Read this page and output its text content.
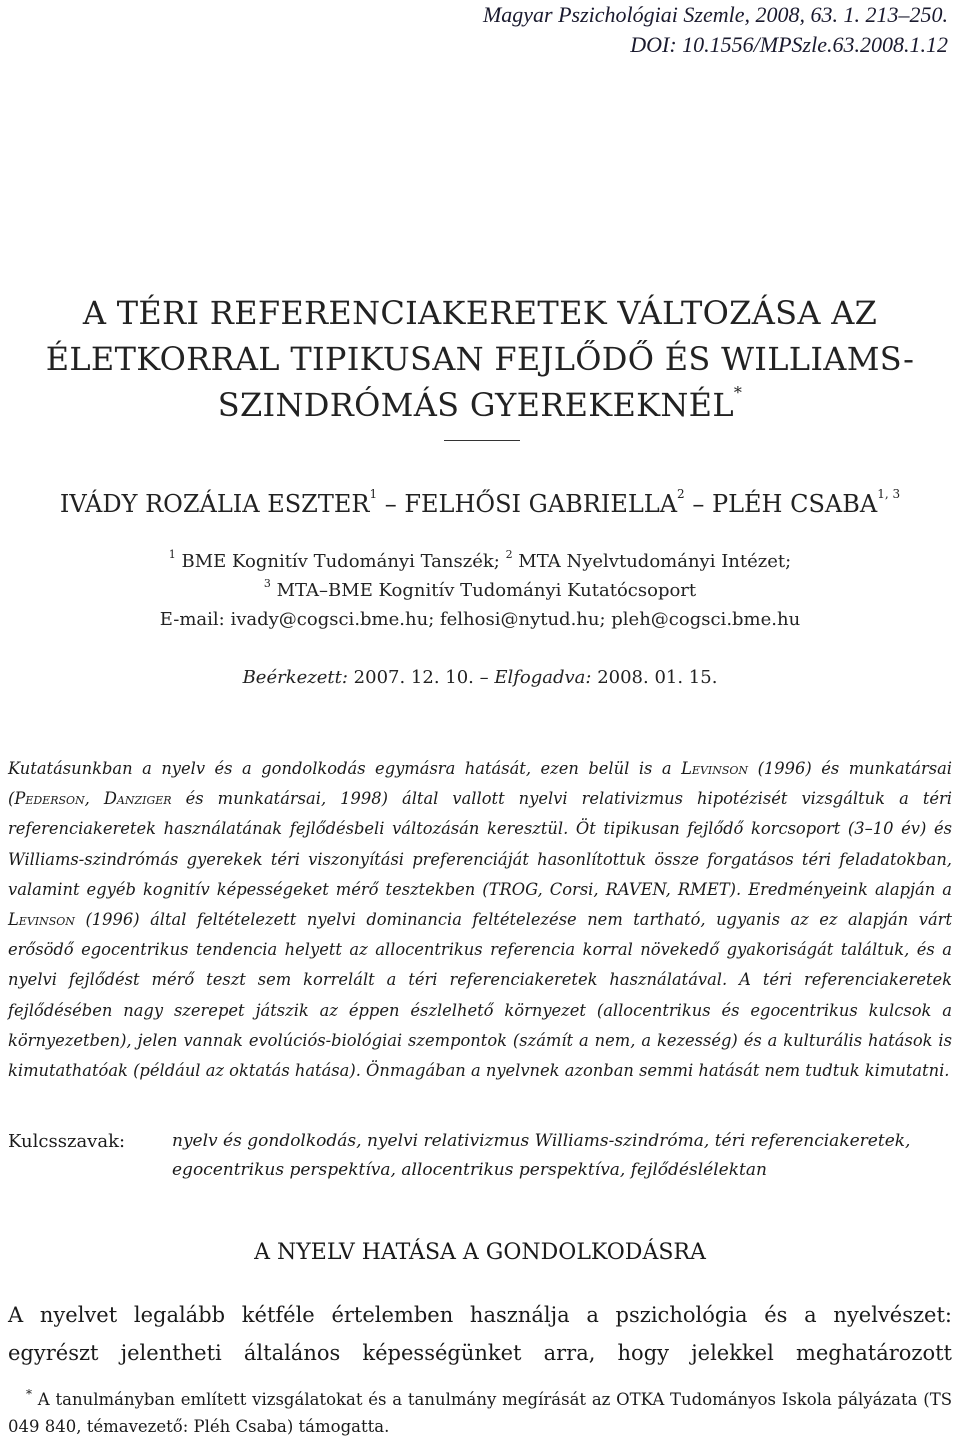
Magyar Pszichológiai Szemle, 2008, 63. 1. 213–250.
DOI: 10.1556/MPSzle.63.2008.1.12
A TÉRI REFERENCIAKERETEK VÁLTOZÁSA AZ
ÉLETKORRAL TIPIKUSAN FEJLŐDŐ ÉS WILLIAMS-
SZINDRÓMÁS GYEREKEKNÉL*
IVÁDY ROZÁLIA ESZTER$^1$ – FELHŐSI GABRIELLA$^2$ – PLÉH CSABA$^{1, 3}$
$^1$ BME Kognitív Tudományi Tanszék; $^2$ MTA Nyelvtudományi Intézet;
$^3$ MTA–BME Kognitív Tudományi Kutatócsoport
E-mail: ivady@cogsci.bme.hu; felhosi@nytud.hu; pleh@cogsci.bme.hu
Beérkezett: 2007. 12. 10. – Elfogadva: 2008. 01. 15.
Kutatásunkban a nyelv és a gondolkodás egymásra hatását, ezen belül is a Levinson (1996) és munkatársai (Pederson, Danziger és munkatársai, 1998) által vallott nyelvi relativizmus hipotézisét vizsgáltuk a téri referenciakeretek használatának fejlődésbeli változásán keresztül. Öt tipikusan fejlődő korcsoport (3–10 év) és Williams-szindrómás gyerekek téri viszonyítási preferenciáját hasonlítottuk össze forgatásos téri feladatokban, valamint egyéb kognitív képességeket mérő tesztekben (TROG, Corsi, RAVEN, RMET). Eredményeink alapján a Levinson (1996) által feltételezett nyelvi dominancia feltételezése nem tartható, ugyanis az ez alapján várt erősödő egocentrikus tendencia helyett az allocentrikus referencia korral növekedő gyakoriságát találtuk, és a nyelvi fejlődést mérő teszt sem korrelált a téri referenciakeretek használatával. A téri referenciakeretek fejlődésében nagy szerepet játszik az éppen észlelhető környezet (allocentrikus és egocentrikus kulcsok a környezetben), jelen vannak evolúciós-biológiai szempontok (számít a nem, a kezesség) és a kulturális hatások is kimutathatóak (például az oktatás hatása). Önmagában a nyelvnek azonban semmi hatását nem tudtuk kimutatni.
Kulcsszavak:	nyelv és gondolkodás, nyelvi relativizmus Williams-szindróma, téri referenciakeretek, egocentrikus perspektíva, allocentrikus perspektíva, fejlődéslélektan
A NYELV HATÁSA A GONDOLKODÁSRA
A nyelvet legalább kétféle értelemben használja a pszichológia és a nyelvészet:
egyrészt jelentheti általános képességünket arra, hogy jelekkel meghatározott
* A tanulmányban említett vizsgálatokat és a tanulmány megírását az OTKA Tudományos Iskola pályázata (TS 049 840, témavezető: Pléh Csaba) támogatta.
